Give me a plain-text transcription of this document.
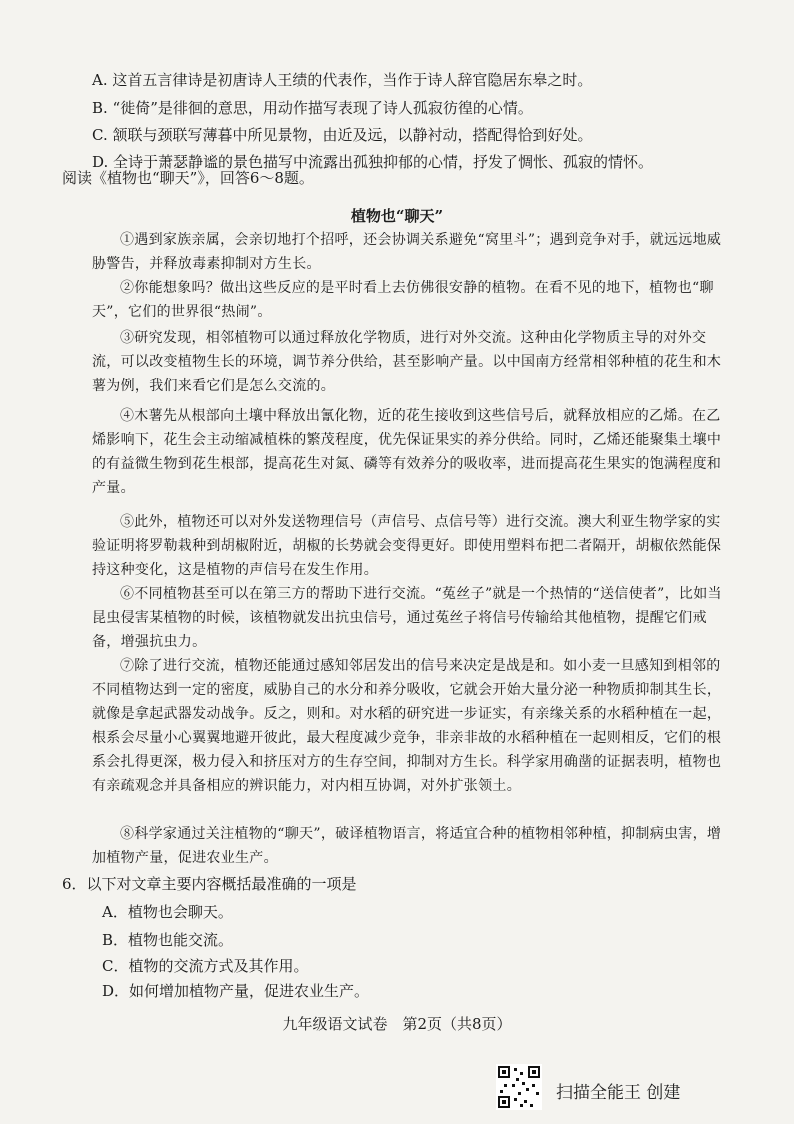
A. 这首五言律诗是初唐诗人王绩的代表作，当作于诗人辞官隐居东皋之时。
B. “徙倚”是徘徊的意思，用动作描写表现了诗人孤寂彷徨的心情。
C. 颔联与颈联写薄暮中所见景物，由近及远，以静衬动，搭配得恰到好处。
D. 全诗于萧瑟静谧的景色描写中流露出孤独抑郁的心情，抒发了惆怅、孤寂的情怀。
阅读《植物也“聊天”》，回答6～8题。
植物也“聊天”
①遇到家族亲属，会亲切地打个招呼，还会协调关系避免“窝里斗”；遇到竞争对手，就远远地威胁警告，并释放毒素抑制对方生长。
②你能想象吗？做出这些反应的是平时看上去仿佛很安静的植物。在看不见的地下，植物也“聊天”，它们的世界很“热闹”。
③研究发现，相邻植物可以通过释放化学物质，进行对外交流。这种由化学物质主导的对外交流，可以改变植物生长的环境，调节养分供给，甚至影响产量。以中国南方经常相邻种植的花生和木薯为例，我们来看它们是怎么交流的。
④木薯先从根部向土壤中释放出氰化物，近的花生接收到这些信号后，就释放相应的乙烯。在乙烯影响下，花生会主动缩减植株的繁茂程度，优先保证果实的养分供给。同时，乙烯还能聚集土壤中的有益微生物到花生根部，提高花生对氮、磷等有效养分的吸收率，进而提高花生果实的饱满程度和产量。
⑤此外，植物还可以对外发送物理信号（声信号、点信号等）进行交流。澳大利亚生物学家的实验证明将罗勒栽种到胡椒附近，胡椒的长势就会变得更好。即使用塑料布把二者隔开，胡椒依然能保持这种变化，这是植物的声信号在发生作用。
⑥不同植物甚至可以在第三方的帮助下进行交流。“菟丝子”就是一个热情的“送信使者”，比如当昆虫侵害某植物的时候，该植物就发出抗虫信号，通过菟丝子将信号传输给其他植物，提醒它们戒备，增强抗虫力。
⑦除了进行交流，植物还能通过感知邻居发出的信号来决定是战是和。如小麦一旦感知到相邻的不同植物达到一定的密度，威胁自己的水分和养分吸收，它就会开始大量分泌一种物质抑制其生长，就像是拿起武器发动战争。反之，则和。对水稻的研究进一步证实，有亲缘关系的水稻种植在一起，根系会尽量小心翼翼地避开彼此，最大程度减少竞争，非亲非故的水稻种植在一起则相反，它们的根系会扎得更深，极力侵入和挤压对方的生存空间，抑制对方生长。科学家用确凿的证据表明，植物也有亲疏观念并具备相应的辨识能力，对内相互协调，对外扩张领土。
⑧科学家通过关注植物的“聊天”，破译植物语言，将适宜合种的植物相邻种植，抑制病虫害，增加植物产量，促进农业生产。
6．以下对文章主要内容概括最准确的一项是
A．植物也会聊天。
B．植物也能交流。
C．植物的交流方式及其作用。
D．如何增加植物产量，促进农业生产。
九年级语文试卷　第2页（共8页）
扫描全能王 创建
